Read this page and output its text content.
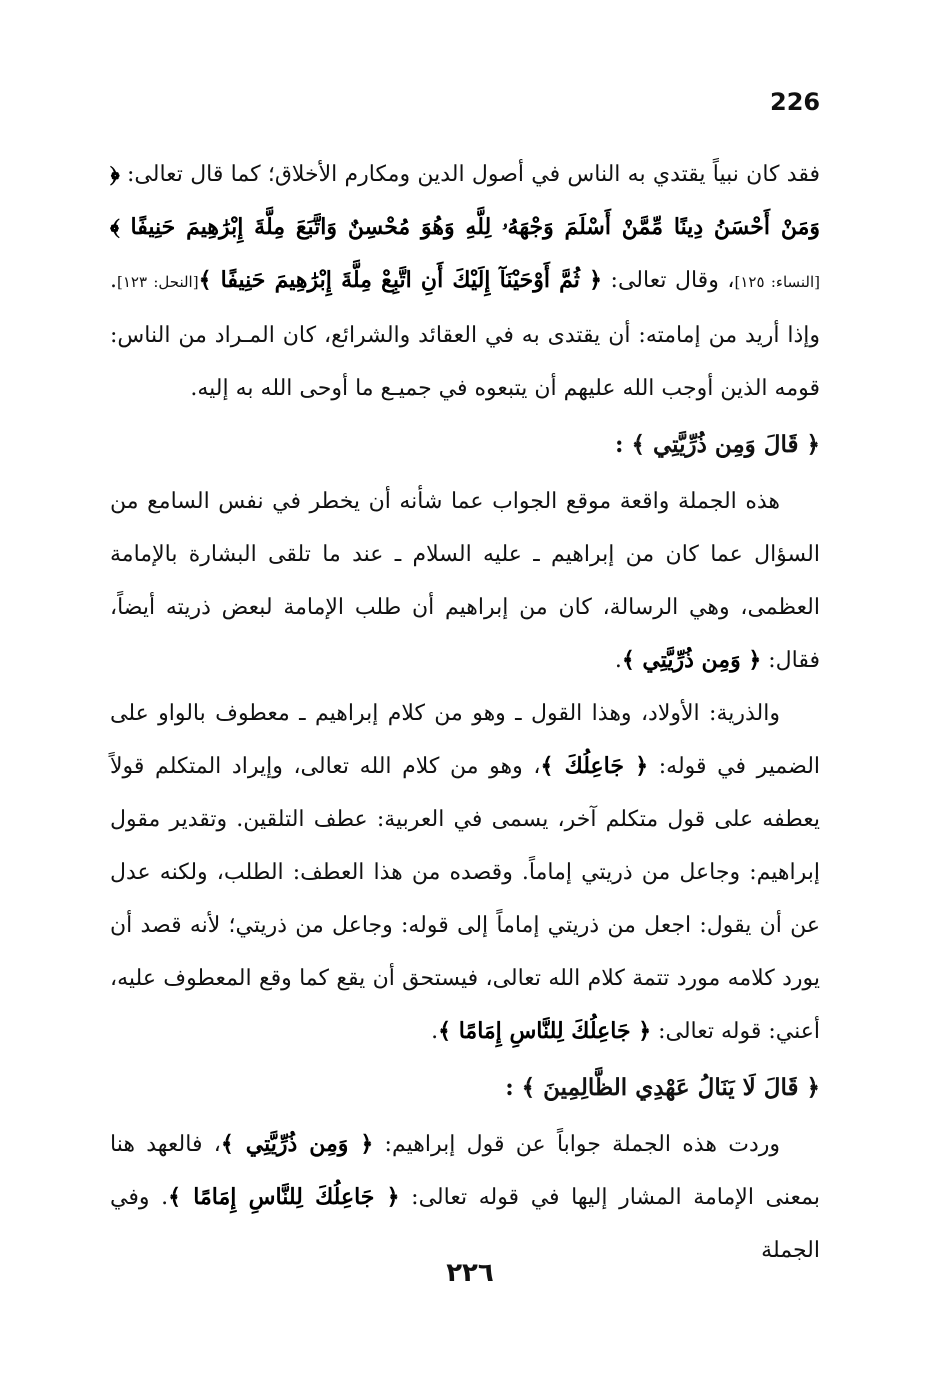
226

فقد كان نبياً يقتدي به الناس في أصول الدين ومكارم الأخلاق؛ كما قال تعالى: ﴿ وَمَنْ أَحْسَنُ دِينًا مِّمَّنْ أَسْلَمَ وَجْهَهُۥ لِلَّهِ وَهُوَ مُحْسِنٌ وَاتَّبَعَ مِلَّةَ إِبْرَٰهِيمَ حَنِيفًا ﴾[النساء: ١٢٥]، وقال تعالى: ﴿ ثُمَّ أَوْحَيْنَآ إِلَيْكَ أَنِ اتَّبِعْ مِلَّةَ إِبْرَٰهِيمَ حَنِيفًا ﴾[النحل: ١٢٣]. وإذا أريد من إمامته: أن يقتدى به في العقائد والشرائع، كان المـراد من الناس: قومه الذين أوجب الله عليهم أن يتبعوه في جميـع ما أوحى الله به إليه.

﴿ قَالَ وَمِن ذُرِّيَّتِي ﴾ :

هذه الجملة واقعة موقع الجواب عما شأنه أن يخطر في نفس السامع من السؤال عما كان من إبراهيم ـ عليه السلام ـ عند ما تلقى البشارة بالإمامة العظمى، وهي الرسالة، كان من إبراهيم أن طلب الإمامة لبعض ذريته أيضاً، فقال: ﴿ وَمِن ذُرِّيَّتِي ﴾.

والذرية: الأولاد، وهذا القول ـ وهو من كلام إبراهيم ـ معطوف بالواو على الضمير في قوله: ﴿ جَاعِلُكَ ﴾، وهو من كلام الله تعالى، وإيراد المتكلم قولاً يعطفه على قول متكلم آخر، يسمى في العربية: عطف التلقين. وتقدير مقول إبراهيم: وجاعل من ذريتي إماماً. وقصده من هذا العطف: الطلب، ولكنه عدل عن أن يقول: اجعل من ذريتي إماماً إلى قوله: وجاعل من ذريتي؛ لأنه قصد أن يورد كلامه مورد تتمة كلام الله تعالى، فيستحق أن يقع كما وقع المعطوف عليه، أعني: قوله تعالى: ﴿ جَاعِلُكَ لِلنَّاسِ إِمَامًا ﴾.

﴿ قَالَ لَا يَنَالُ عَهْدِي الظَّالِمِينَ ﴾ :

وردت هذه الجملة جواباً عن قول إبراهيم: ﴿ وَمِن ذُرِّيَّتِي ﴾، فالعهد هنا بمعنى الإمامة المشار إليها في قوله تعالى: ﴿ جَاعِلُكَ لِلنَّاسِ إِمَامًا ﴾. وفي الجملة

٢٢٦
